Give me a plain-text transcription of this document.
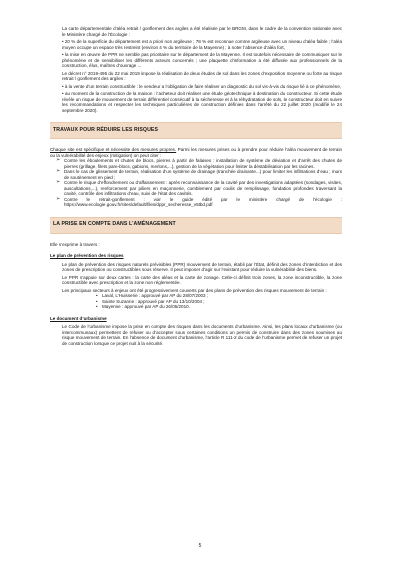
La carte départementale d’aléa retrait / gonflement des argiles a été réalisée par le BRGM, dans le cadre de la convention nationale avec le Ministère chargé de l’Écologie :

• 20 % de la superficie du département est a priori non argileuse ; 78 % est reconnue comme argileuse avec un niveau d’aléa faible ; l’aléa moyen occupe un espace très restreint (environ 4 % du territoire de la Mayenne) ; à noter l’absence d’aléa fort,

• la mise en œuvre de PPR ne semble pas prioritaire sur le département de la Mayenne. Il est toutefois nécessaire de communiquer sur le phénomène et de sensibiliser les différents acteurs concernés ; une plaquette d’information a été diffusée aux professionnels de la construction, élus, maîtres d’ouvrage ...

Le décret n° 2019-495 du 22 mai 2019 impose la réalisation de deux études de sol dans les zones d’exposition moyenne ou forte au risque retrait / gonflement des argiles :

• à la vente d’un terrain constructible : le vendeur a l’obligation de faire réaliser un diagnostic du sol vis-à-vis du risque lié à ce phénomène,

• au moment de la construction de la maison : l’acheteur doit réaliser une étude géotechnique à destination du constructeur. Si cette étude révèle un risque de mouvement de terrain différentiel consécutif à la sécheresse et à la réhydratation de sols, le constructeur doit en suivre les recommandations et respecter les techniques particulières de construction définies dans l’arrêté du 22 juillet 2020 (modifié le 24 septembre 2020).

TRAVAUX POUR RÉDUIRE LES RISQUES

Chaque site est spécifique et nécessite des mesures propres. Parmi les mesures prises ou à prendre pour réduire l’aléa mouvement de terrain ou la vulnérabilité des enjeux (mitigation) on peut citer :

➢ Contre les éboulements et chutes de blocs, pierres à partir de falaises : installation de système de déviation et d’arrêt des chutes de pierres (grillage, filets pare-blocs, gabions, merlons,...), gestion de la végétation pour limiter la déstabilisation par les racines.
➢ Dans le cas de glissement de terrain, réalisation d’un système de drainage (tranchée drainante...) pour limiter les infiltrations d’eau ; murs de soutènement en pied ;
➢ Contre le risque d’effondrement ou d’affaissement : après reconnaissance de la cavité par des investigations adaptées (sondages, visites, auscultations,...), renforcement par piliers en maçonnerie, comblement par coulis de remplissage, fondation profondes traversant la cavité, contrôle des infiltrations d’eau, suivi de l’état des cavités.
➢ Contre le retrait-gonflement : voir le guide édité par le ministère chargé de l’écologie : https://www.ecologie.gouv.fr/sites/default/files/dppr_secheresse_v5tbd.pdf
LA PRISE EN COMPTE DANS L’AMÉNAGEMENT

Elle s’exprime à travers :

Le plan de prévention des risques

Le plan de prévention des risques naturels prévisibles (PPR) mouvement de terrain, établi par l’État, définit des zones d’interdiction et des zones de prescription ou constructibles sous réserve. Il peut imposer d’agir sur l’existant pour réduire la vulnérabilité des biens.

Le PPR s’appuie sur deux cartes : la carte des aléas et la carte de zonage. Celle-ci définit trois zones, la zone inconstructible, la zone constructible avec prescription et la zone non réglementée.

Les principaux secteurs à enjeux ont été progressivement couverts par des plans de prévention des risques mouvement de terrain :

• Laval, L’Huisserie : approuvé par AP du 28/07/2003 ;
• Sainte Suzanne : approuvé par AP du 13/10/2004 ;
• Mayenne : approuvé par AP du 26/05/2010.
Le document d’urbanisme

Le Code de l’urbanisme impose la prise en compte des risques dans les documents d’urbanisme. Ainsi, les plans locaux d’urbanisme (ou intercommunaux) permettent de refuser ou d’accepter sous certaines conditions un permis de construire dans des zones soumises au risque mouvement de terrain. En l’absence de document d’urbanisme, l’article R 111-2 du code de l’urbanisme permet de refuser un projet de construction lorsque ce projet nuit à la sécurité.

5
